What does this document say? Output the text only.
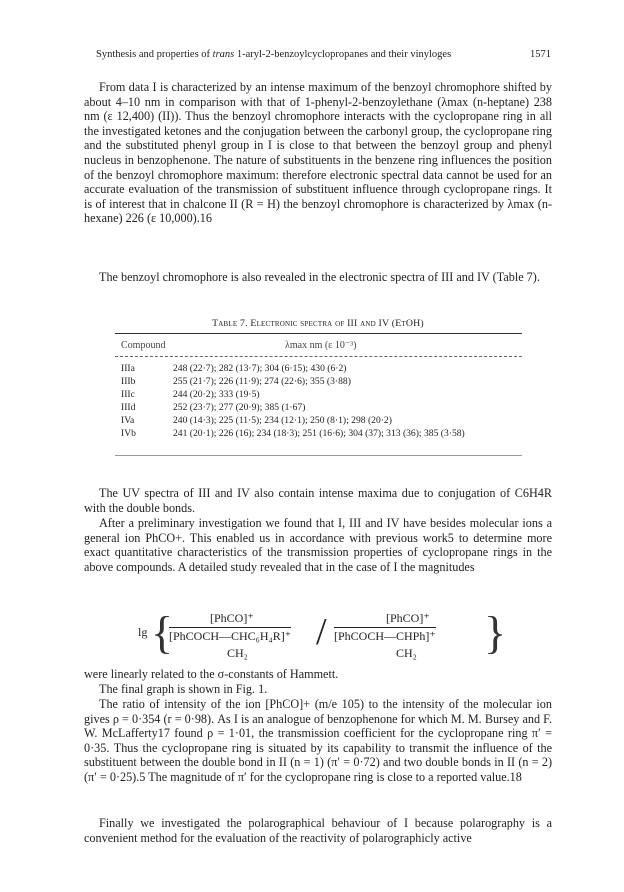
Synthesis and properties of trans 1-aryl-2-benzoylcyclopropanes and their vinyloges	1571

From data I is characterized by an intense maximum of the benzoyl chromophore shifted by about 4–10 nm in comparison with that of 1-phenyl-2-benzoylethane (λmax (n-heptane) 238 nm (ε 12,400) (II)). Thus the benzoyl chromophore interacts with the cyclopropane ring in all the investigated ketones and the conjugation between the carbonyl group, the cyclopropane ring and the substituted phenyl group in I is close to that between the benzoyl group and phenyl nucleus in benzophenone. The nature of substituents in the benzene ring influences the position of the benzoyl chromophore maximum: therefore electronic spectral data cannot be used for an accurate evaluation of the transmission of substituent influence through cyclopropane rings. It is of interest that in chalcone II (R = H) the benzoyl chromophore is characterized by λmax (n-hexane) 226 (ε 10,000).16

The benzoyl chromophore is also revealed in the electronic spectra of III and IV (Table 7).

Table 7. Electronic spectra of III and IV (EtOH)
Compound	λmax nm (ε 10⁻³)
IIIa	248 (22·7); 282 (13·7); 304 (6·15); 430 (6·2)
IIIb	255 (21·7); 226 (11·9); 274 (22·6); 355 (3·88)
IIIc	244 (20·2); 333 (19·5)
IIId	252 (23·7); 277 (20·9); 385 (1·67)
IVa	240 (14·3); 225 (11·5); 234 (12·1); 250 (8·1); 298 (20·2)
IVb	241 (20·1); 226 (16); 234 (18·3); 251 (16·6); 304 (37); 313 (36); 385 (3·58)

The UV spectra of III and IV also contain intense maxima due to conjugation of C6H4R with the double bonds.

After a preliminary investigation we found that I, III and IV have besides molecular ions a general ion PhCO+. This enabled us in accordance with previous work5 to determine more exact quantitative characteristics of the transmission properties of cyclopropane rings in the above compounds. A detailed study revealed that in the case of I the magnitudes

lg {	[PhCO]⁺
[PhCOCH—CHC₆H₄R]⁺
CH₂ /	[PhCO]⁺
[PhCOCH—CHPh]⁺
CH₂ }

were linearly related to the σ-constants of Hammett.

The final graph is shown in Fig. 1.

The ratio of intensity of the ion [PhCO]+ (m/e 105) to the intensity of the molecular ion gives ρ = 0·354 (r = 0·98). As I is an analogue of benzophenone for which M. M. Bursey and F. W. McLafferty17 found ρ = 1·01, the transmission coefficient for the cyclopropane ring π′ = 0·35. Thus the cyclopropane ring is situated by its capability to transmit the influence of the substituent between the double bond in II (n = 1) (π′ = 0·72) and two double bonds in II (n = 2) (π′ = 0·25).5 The magnitude of π′ for the cyclopropane ring is close to a reported value.18

Finally we investigated the polarographical behaviour of I because polarography is a convenient method for the evaluation of the reactivity of polarographicly active
